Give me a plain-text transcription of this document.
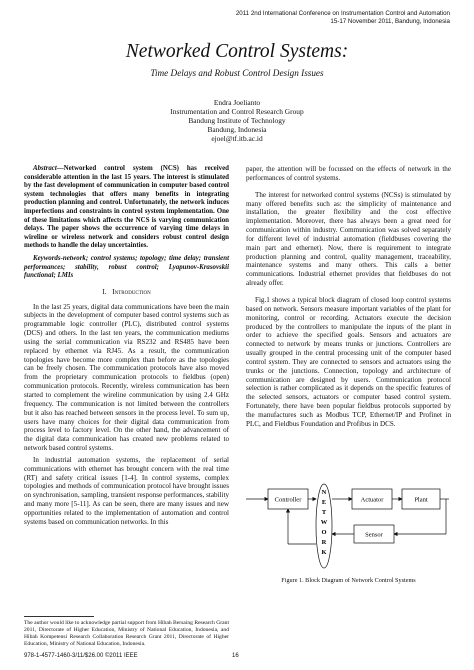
2011 2nd International Conference on Instrumentation Control and Automation
15-17 November 2011, Bandung, Indonesia
Networked Control Systems:
Time Delays and Robust Control Design Issues
Endra Joelianto
Instrumentation and Control Research Group
Bandung Institute of Technology
Bandung, Indonesia
ejoel@tf.itb.ac.id

Abstract—Networked control system (NCS) has received considerable attention in the last 15 years. The interest is stimulated by the fast development of communication in computer based control system technologies that offers many benefits in integrating production planning and control. Unfortunately, the network induces imperfections and constraints in control system implementation. One of these limitations which affects the NCS is varying communication delays. The paper shows the occurrence of varying time delays in wireline or wireless network and considers robust control design methods to handle the delay uncertainties.

Keywords-network; control systems; topology; time delay; transient performances; stability, robust control; Lyapunov-Krasovskii functional; LMIs

I. Introduction

In the last 25 years, digital data communications have been the main subjects in the development of computer based control systems such as programmable logic controller (PLC), distributed control systems (DCS) and others. In the last ten years, the communication mediums using the serial communication via RS232 and RS485 have been replaced by ethernet via RJ45. As a result, the communication topologies have become more complex than before as the topologies can be freely chosen. The communication protocols have also moved from the proprietary communication protocols to fieldbus (open) communication protocols. Recently, wireless communication has been started to complement the wireline communication by using 2.4 GHz frequency. The communication is not limited between the controllers but it also has reached between sensors in the process level. To sum up, users have many choices for their digital data communication from process level to factory level. On the other hand, the advancement of the digital data communication has created new problems related to network based control systems.

In industrial automation systems, the replacement of serial communications with ethernet has brought concern with the real time (RT) and safety critical issues [1-4]. In control systems, complex topologies and methods of communication protocol have brought issues on synchronisation, sampling, transient response performances, stability and many more [5-11]. As can be seen, there are many issues and new opportunities related to the implementation of automation and control systems based on communication networks. In this

paper, the attention will be focussed on the effects of network in the performances of control systems.

The interest for networked control systems (NCSs) is stimulated by many offered benefits such as: the simplicity of maintenance and installation, the greater flexibility and the cost effective implementation. Moreover, there has always been a great need for communication within industry. Communication was solved separately for different level of industrial automation (fieldbuses covering the main part and ethernet). Now, there is requirement to integrate production planning and control, quality management, traceability, maintenance systems and many others. This calls a better communications. Industrial ethernet provides that fieldbuses do not already offer.

Fig.1 shows a typical block diagram of closed loop control systems based on network. Sensors measure important variables of the plant for monitoring, control or recording. Actuators execute the decision produced by the controllers to manipulate the inputs of the plant in order to achieve the specified goals. Sensors and actuators are connected to network by means trunks or junctions. Controllers are usually grouped in the central processing unit of the computer based control system. They are connected to sensors and actuators using the trunks or the junctions. Connection, topology and architecture of communication are designed by users. Communication protocol selection is rather complicated as it depends on the specific features of the selected sensors, actuators or computer based control system. Fortunately, there have been popular fieldbus protocols supported by the manufactures such as Modbus TCP, Ethernet/IP and Profinet in PLC, and Fieldbus Foundation and Profibus in DCS.

Controller
N
E
T
W
O
R
K
Actuator	Plant
Sensor
Figure 1. Block Diagram of Network Control Systems
The author would like to acknowledge partial support from Hibah Bersaing Research Grant 2011, Directorate of Higher Education, Ministry of National Education, Indonesia, and Hibah Kompetensi Research Collaboration Research Grant 2011, Directorate of Higher Education, Ministry of National Education, Indonesia.
978-1-4577-1460-3/11/$26.00 ©2011 IEEE	16
